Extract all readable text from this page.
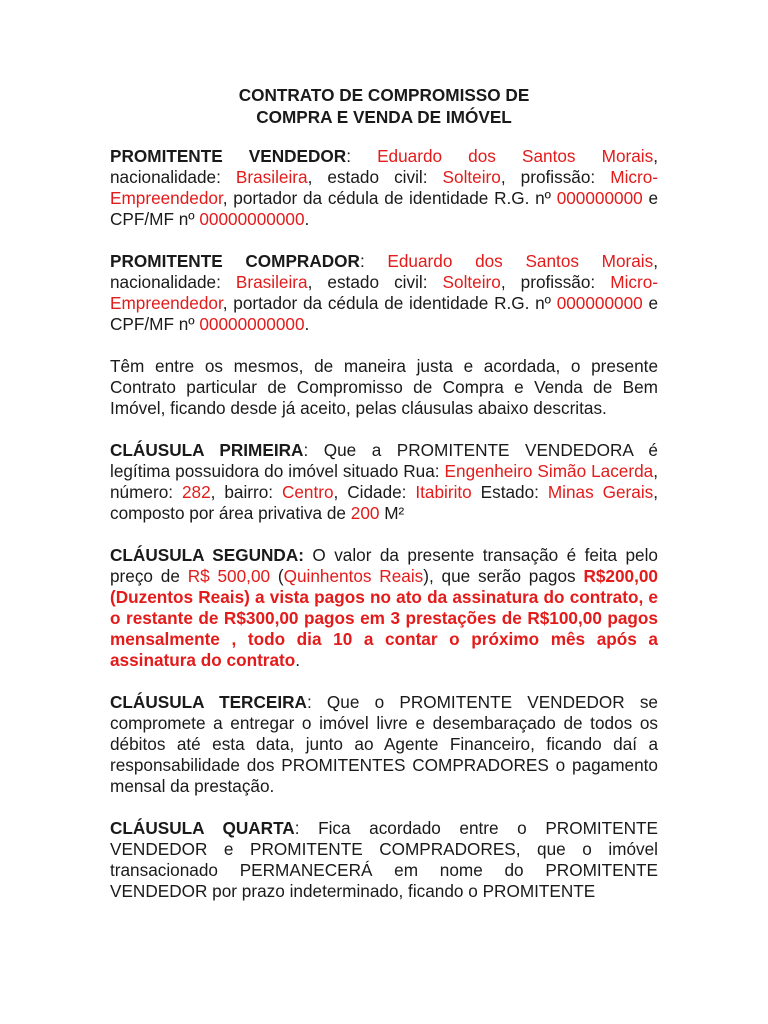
CONTRATO DE COMPROMISSO DE
COMPRA E VENDA DE IMÓVEL

PROMITENTE VENDEDOR: Eduardo dos Santos Morais, nacionalidade: Brasileira, estado civil: Solteiro, profissão: Micro-Empreendedor, portador da cédula de identidade R.G. nº 000000000 e CPF/MF nº 00000000000.

PROMITENTE COMPRADOR: Eduardo dos Santos Morais, nacionalidade: Brasileira, estado civil: Solteiro, profissão: Micro-Empreendedor, portador da cédula de identidade R.G. nº 000000000 e CPF/MF nº 00000000000.

Têm entre os mesmos, de maneira justa e acordada, o presente Contrato particular de Compromisso de Compra e Venda de Bem Imóvel, ficando desde já aceito, pelas cláusulas abaixo descritas.

CLÁUSULA PRIMEIRA: Que a PROMITENTE VENDEDORA é legítima possuidora do imóvel situado Rua: Engenheiro Simão Lacerda, número: 282, bairro: Centro, Cidade: Itabirito Estado: Minas Gerais, composto por área privativa de 200 M²

CLÁUSULA SEGUNDA: O valor da presente transação é feita pelo preço de R$ 500,00 (Quinhentos Reais), que serão pagos R$200,00 (Duzentos Reais) a vista pagos no ato da assinatura do contrato, e o restante de R$300,00 pagos em 3 prestações de R$100,00 pagos mensalmente , todo dia 10 a contar o próximo mês após a assinatura do contrato.

CLÁUSULA TERCEIRA: Que o PROMITENTE VENDEDOR se compromete a entregar o imóvel livre e desembaraçado de todos os débitos até esta data, junto ao Agente Financeiro, ficando daí a responsabilidade dos PROMITENTES COMPRADORES o pagamento mensal da prestação.

CLÁUSULA QUARTA: Fica acordado entre o PROMITENTE VENDEDOR e PROMITENTE COMPRADORES, que o imóvel transacionado PERMANECERÁ em nome do PROMITENTE VENDEDOR por prazo indeterminado, ficando o PROMITENTE
